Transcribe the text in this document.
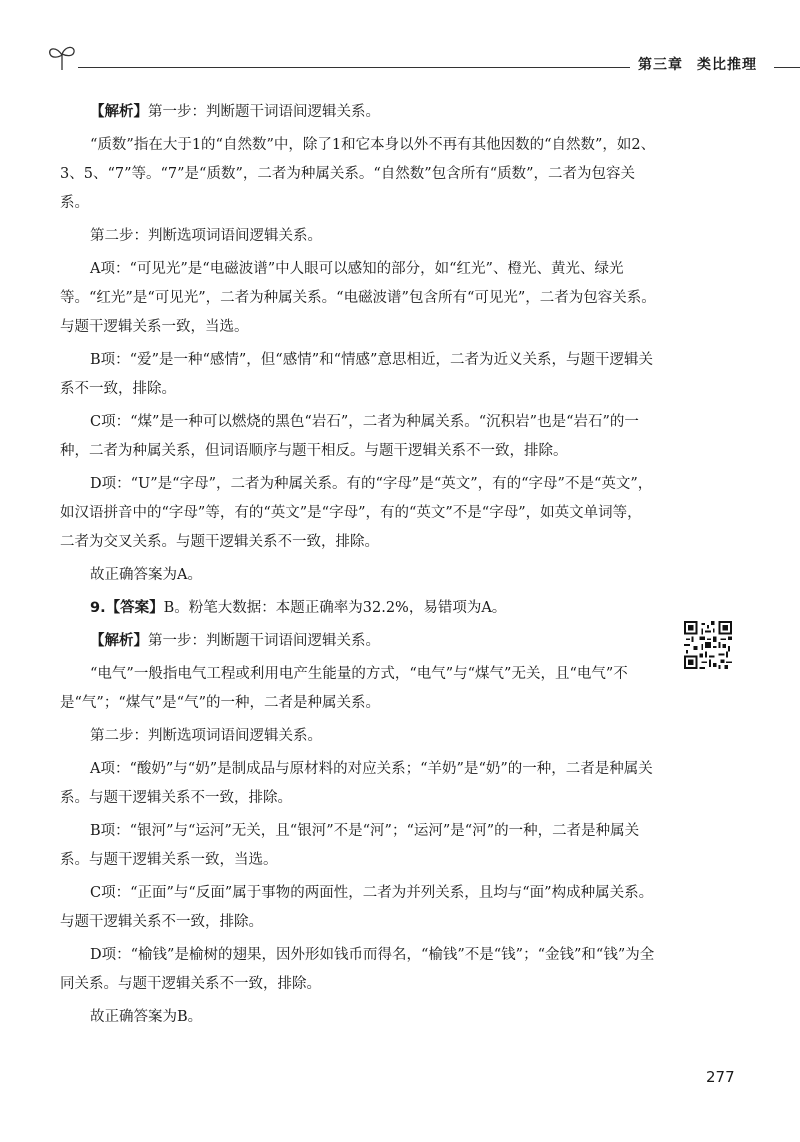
第三章 类比推理

【解析】第一步：判断题干词语间逻辑关系。

“质数”指在大于1的“自然数”中，除了1和它本身以外不再有其他因数的“自然数”，如2、3、5、“7”等。“7”是“质数”，二者为种属关系。“自然数”包含所有“质数”，二者为包容关系。

第二步：判断选项词语间逻辑关系。

A项：“可见光”是“电磁波谱”中人眼可以感知的部分，如“红光”、橙光、黄光、绿光等。“红光”是“可见光”，二者为种属关系。“电磁波谱”包含所有“可见光”，二者为包容关系。与题干逻辑关系一致，当选。

B项：“爱”是一种“感情”，但“感情”和“情感”意思相近，二者为近义关系，与题干逻辑关系不一致，排除。

C项：“煤”是一种可以燃烧的黑色“岩石”，二者为种属关系。“沉积岩”也是“岩石”的一种，二者为种属关系，但词语顺序与题干相反。与题干逻辑关系不一致，排除。

D项：“U”是“字母”，二者为种属关系。有的“字母”是“英文”，有的“字母”不是“英文”，如汉语拼音中的“字母”等，有的“英文”是“字母”，有的“英文”不是“字母”，如英文单词等，二者为交叉关系。与题干逻辑关系不一致，排除。

故正确答案为A。

9.【答案】B。粉笔大数据：本题正确率为32.2%，易错项为A。

【解析】第一步：判断题干词语间逻辑关系。

“电气”一般指电气工程或利用电产生能量的方式，“电气”与“煤气”无关，且“电气”不是“气”；“煤气”是“气”的一种，二者是种属关系。

第二步：判断选项词语间逻辑关系。

A项：“酸奶”与“奶”是制成品与原材料的对应关系；“羊奶”是“奶”的一种，二者是种属关系。与题干逻辑关系不一致，排除。

B项：“银河”与“运河”无关，且“银河”不是“河”；“运河”是“河”的一种，二者是种属关系。与题干逻辑关系一致，当选。

C项：“正面”与“反面”属于事物的两面性，二者为并列关系，且均与“面”构成种属关系。与题干逻辑关系不一致，排除。

D项：“榆钱”是榆树的翅果，因外形如钱币而得名，“榆钱”不是“钱”；“金钱”和“钱”为全同关系。与题干逻辑关系不一致，排除。

故正确答案为B。

277
